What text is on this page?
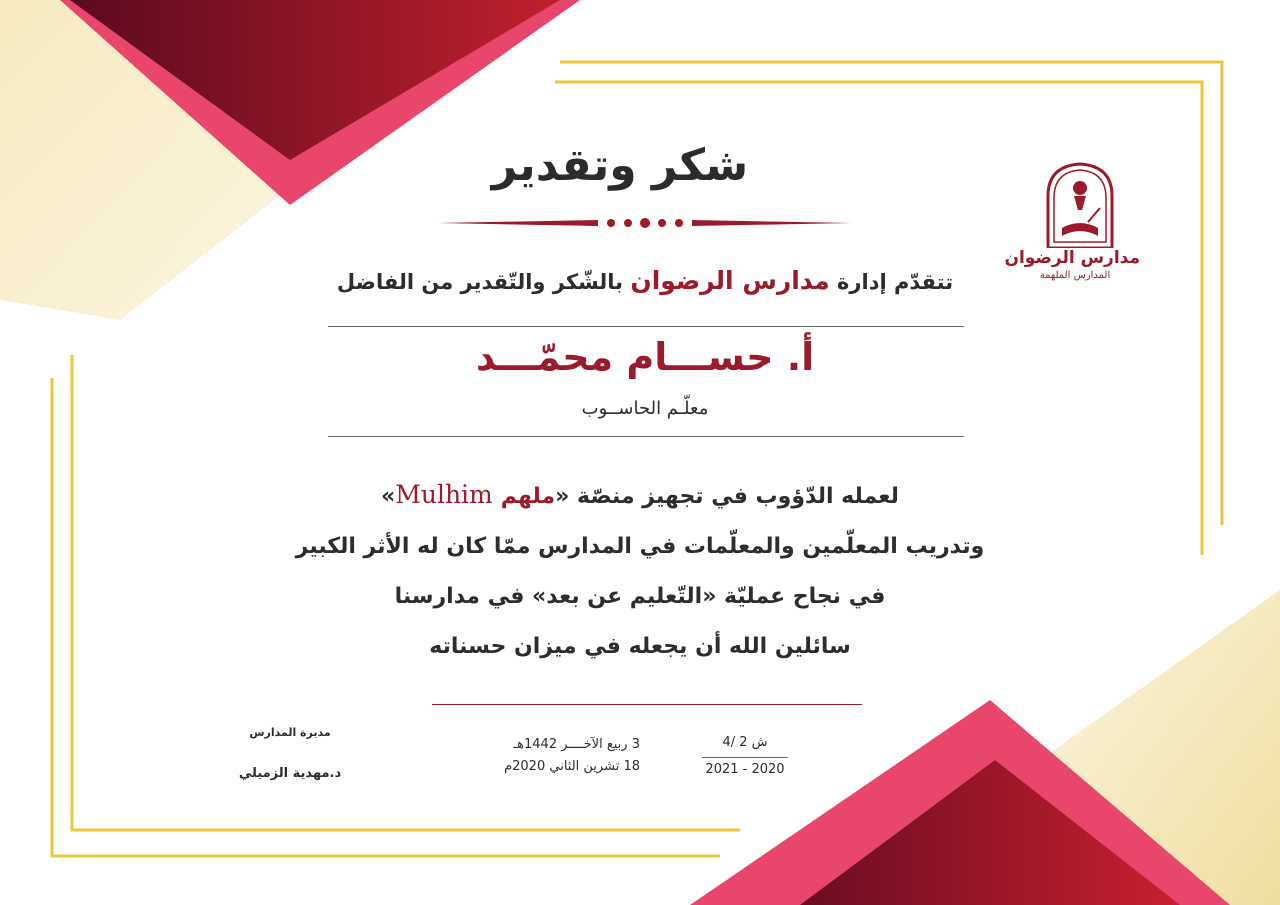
مدارس الرضوان
المدارس الملهمة
شكر وتقدير
تتقدّم إدارة مدارس الرضوان بالشّكر والتّقدير من الفاضل
أ. حســـام محمّـــد
معلّـم الحاســوب
لعمله الدّؤوب في تجهيز منصّة «ملهم Mulhim»
وتدريب المعلّمين والمعلّمات في المدارس ممّا كان له الأثر الكبير
في نجاح عمليّة «التّعليم عن بعد» في مدارسنا
سائلين الله أن يجعله في ميزان حسناته
مديرة المدارس
د.مهدية الزميلي
3 ربيع الآخــــر 1442هـ
18 تشرين الثاني 2020م
ش 2 /4
2020 - 2021
